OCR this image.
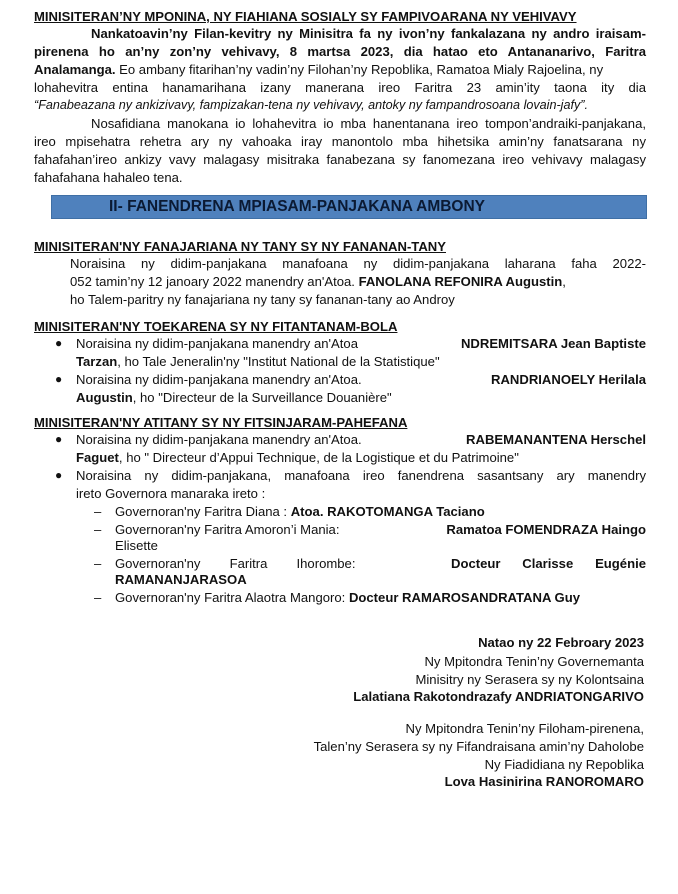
MINISITERAN’NY MPONINA, NY FIAHIANA SOSIALY SY FAMPIVOARANA NY VEHIVAVY
Nankatoavin’ny Filan-kevitry ny Minisitra fa ny ivon’ny fankalazana ny andro iraisam-
pirenena ho an’ny zon’ny vehivavy, 8 martsa 2023, dia hatao eto Antananarivo, Faritra
Analamanga. Eo ambany fitarihan’ny vadin’ny Filohan’ny Repoblika, Ramatoa Mialy Rajoelina, ny
lohahevitra entina hanamarihana izany manerana ireo Faritra 23 amin’ity taona ity dia
“Fanabeazana ny ankizivavy, fampizakan-tena ny vehivavy, antoky ny fampandrosoana lovain-jafy”.
Nosafidiana manokana io lohahevitra io mba hanentanana ireo tompon’andraiki-panjakana,
ireo mpisehatra rehetra ary ny vahoaka iray manontolo mba hihetsika amin’ny fanatsarana ny
fahafahan’ireo ankizy vavy malagasy misitraka fanabezana sy fanomezana ireo vehivavy malagasy
fahafahana hahaleo tena.
II- FANENDRENA MPIASAM-PANJAKANA AMBONY
MINISITERAN'NY FANAJARIANA NY TANY SY NY FANANAN-TANY
Noraisina ny didim-panjakana manafoana ny didim-panjakana laharana faha 2022-
052 tamin’ny 12 janoary 2022 manendry an'Atoa. FANOLANA REFONIRA Augustin,
ho Talem-paritry ny fanajariana ny tany sy fananan-tany ao Androy
MINISITERAN'NY TOEKARENA SY NY FITANTANAM-BOLA
● Noraisina ny didim-panjakana manendry an'Atoa	NDREMITSARA Jean Baptiste
Tarzan, ho Tale Jeneralin'ny "Institut National de la Statistique"
● Noraisina ny didim-panjakana manendry an'Atoa.	RANDRIANOELY Herilala
Augustin, ho "Directeur de la Surveillance Douanière"
MINISITERAN'NY ATITANY SY NY FITSINJARAM-PAHEFANA
● Noraisina ny didim-panjakana manendry an'Atoa.	RABEMANANTENA Herschel
Faguet, ho " Directeur d’Appui Technique, de la Logistique et du Patrimoine"
● Noraisina ny didim-panjakana, manafoana ireo fanendrena sasantsany ary manendry
ireto Governora manaraka ireto :
– Governoran'ny Faritra Diana : Atoa. RAKOTOMANGA Taciano
– Governoran'ny Faritra Amoron’i Mania:	Ramatoa FOMENDRAZA Haingo
Elisette
– Governoran'ny        Faritra        Ihorombe:	Docteur      Clarisse      Eugénie
RAMANANJARASOA
– Governoran'ny Faritra Alaotra Mangoro: Docteur RAMAROSANDRATANA Guy
Natao ny 22 Febroary 2023
Ny Mpitondra Tenin’ny Governemanta
Minisitry ny Serasera sy ny Kolontsaina
Lalatiana Rakotondrazafy ANDRIATONGARIVO
Ny Mpitondra Tenin’ny Filoham-pirenena,
Talen’ny Serasera sy ny Fifandraisana amin’ny Daholobe
Ny Fiadidiana ny Repoblika
Lova Hasinirina RANOROMARO
